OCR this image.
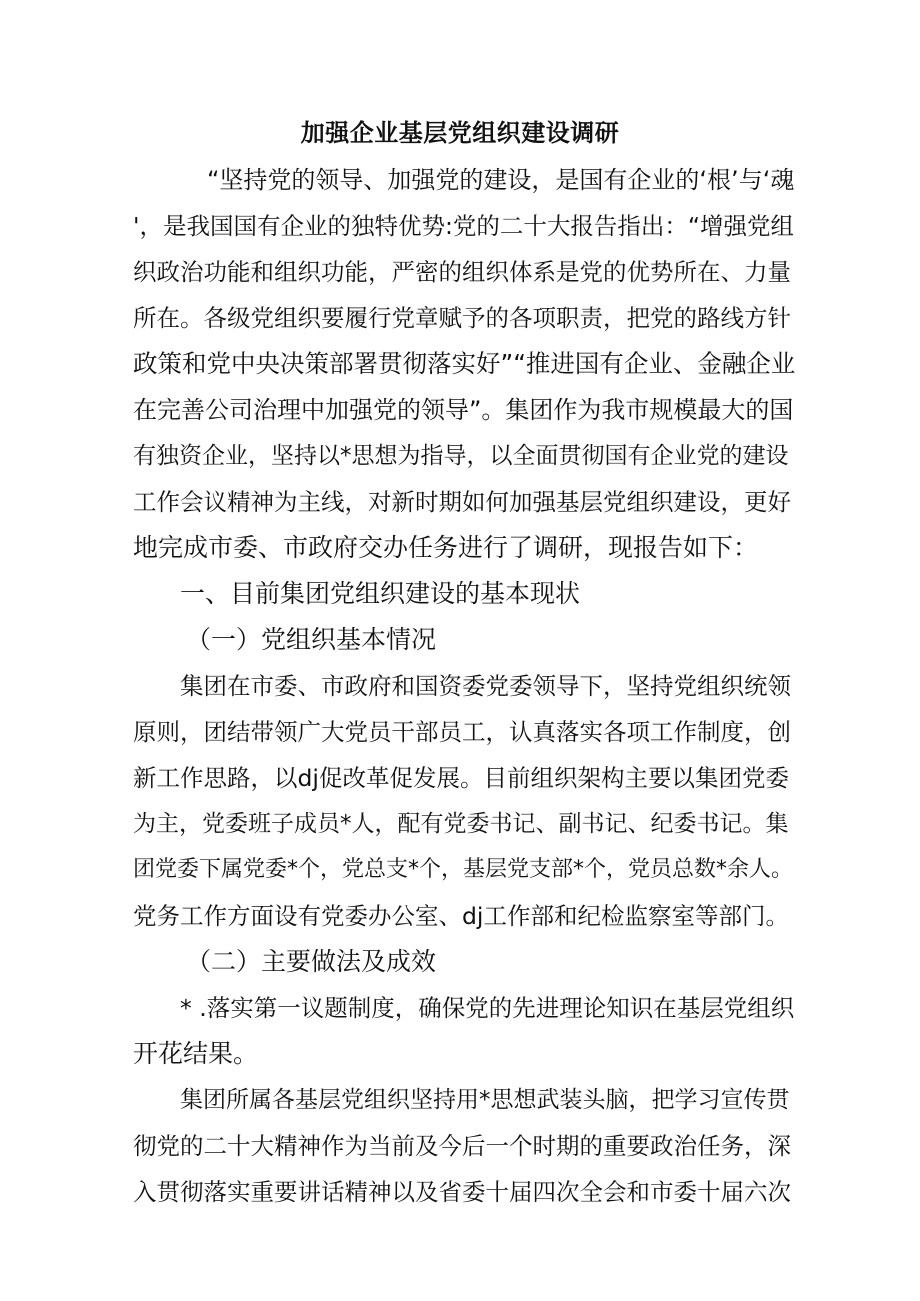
加强企业基层党组织建设调研

“坚持党的领导、加强党的建设，是国有企业的‘根’与‘魂

'，是我国国有企业的独特优势:党的二十大报告指出：“增强党组

织政治功能和组织功能，严密的组织体系是党的优势所在、力量

所在。各级党组织要履行党章赋予的各项职责，把党的路线方针

政策和党中央决策部署贯彻落实好”“推进国有企业、金融企业

在完善公司治理中加强党的领导”。集团作为我市规模最大的国

有独资企业，坚持以*思想为指导，以全面贯彻国有企业党的建设

工作会议精神为主线，对新时期如何加强基层党组织建设，更好

地完成市委、市政府交办任务进行了调研，现报告如下：

一、目前集团党组织建设的基本现状

（一）党组织基本情况

集团在市委、市政府和国资委党委领导下，坚持党组织统领

原则，团结带领广大党员干部员工，认真落实各项工作制度，创

新工作思路，以dj促改革促发展。目前组织架构主要以集团党委

为主，党委班子成员*人，配有党委书记、副书记、纪委书记。集

团党委下属党委*个，党总支*个，基层党支部*个，党员总数*余人。

党务工作方面设有党委办公室、dj工作部和纪检监察室等部门。

（二）主要做法及成效

* .落实第一议题制度，确保党的先进理论知识在基层党组织

开花结果。

集团所属各基层党组织坚持用*思想武装头脑，把学习宣传贯

彻党的二十大精神作为当前及今后一个时期的重要政治任务，深

入贯彻落实重要讲话精神以及省委十届四次全会和市委十届六次
